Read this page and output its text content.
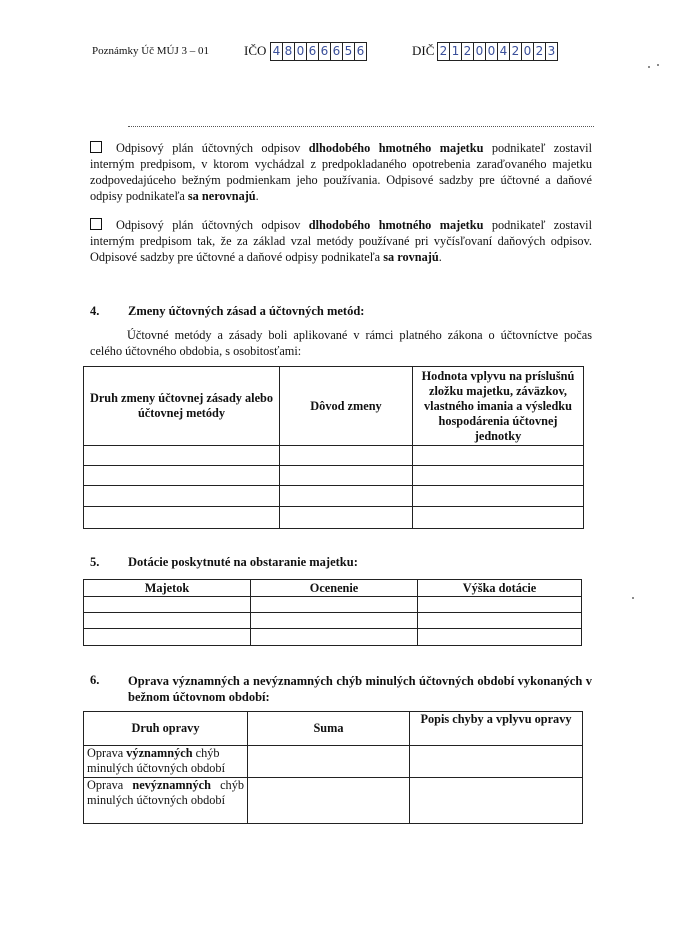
Poznámky Úč MÚJ 3 – 01	IČO 4 8 0 6 6 6 5 6	DIČ 2 1 2 0 0 4 2 0 2 3
Odpisový plán účtovných odpisov dlhodobého hmotného majetku podnikateľ zostavil interným predpisom, v ktorom vychádzal z predpokladaného opotrebenia zaraďovaného majetku zodpovedajúceho bežným podmienkam jeho používania. Odpisové sadzby pre účtovné a daňové odpisy podnikateľa sa nerovnajú.
Odpisový plán účtovných odpisov dlhodobého hmotného majetku podnikateľ zostavil interným predpisom tak, že za základ vzal metódy používané pri vyčísľovaní daňových odpisov. Odpisové sadzby pre účtovné a daňové odpisy podnikateľa sa rovnajú.
4. Zmeny účtovných zásad a účtovných metód:
Účtovné metódy a zásady boli aplikované v rámci platného zákona o účtovníctve počas celého účtovného obdobia, s osobitosťami:
Druh zmeny účtovnej zásady alebo účtovnej metódy	Dôvod zmeny	Hodnota vplyvu na príslušnú zložku majetku, záväzkov, vlastného imania a výsledku hospodárenia účtovnej jednotky

5. Dotácie poskytnuté na obstaranie majetku:
Majetok	Ocenenie	Výška dotácie

6. Oprava významných a nevýznamných chýb minulých účtovných období vykonaných v bežnom účtovnom období:
Druh opravy	Suma	Popis chyby a vplyvu opravy
Oprava významných chýb minulých účtovných období		
Oprava nevýznamných chýb minulých účtovných období		
